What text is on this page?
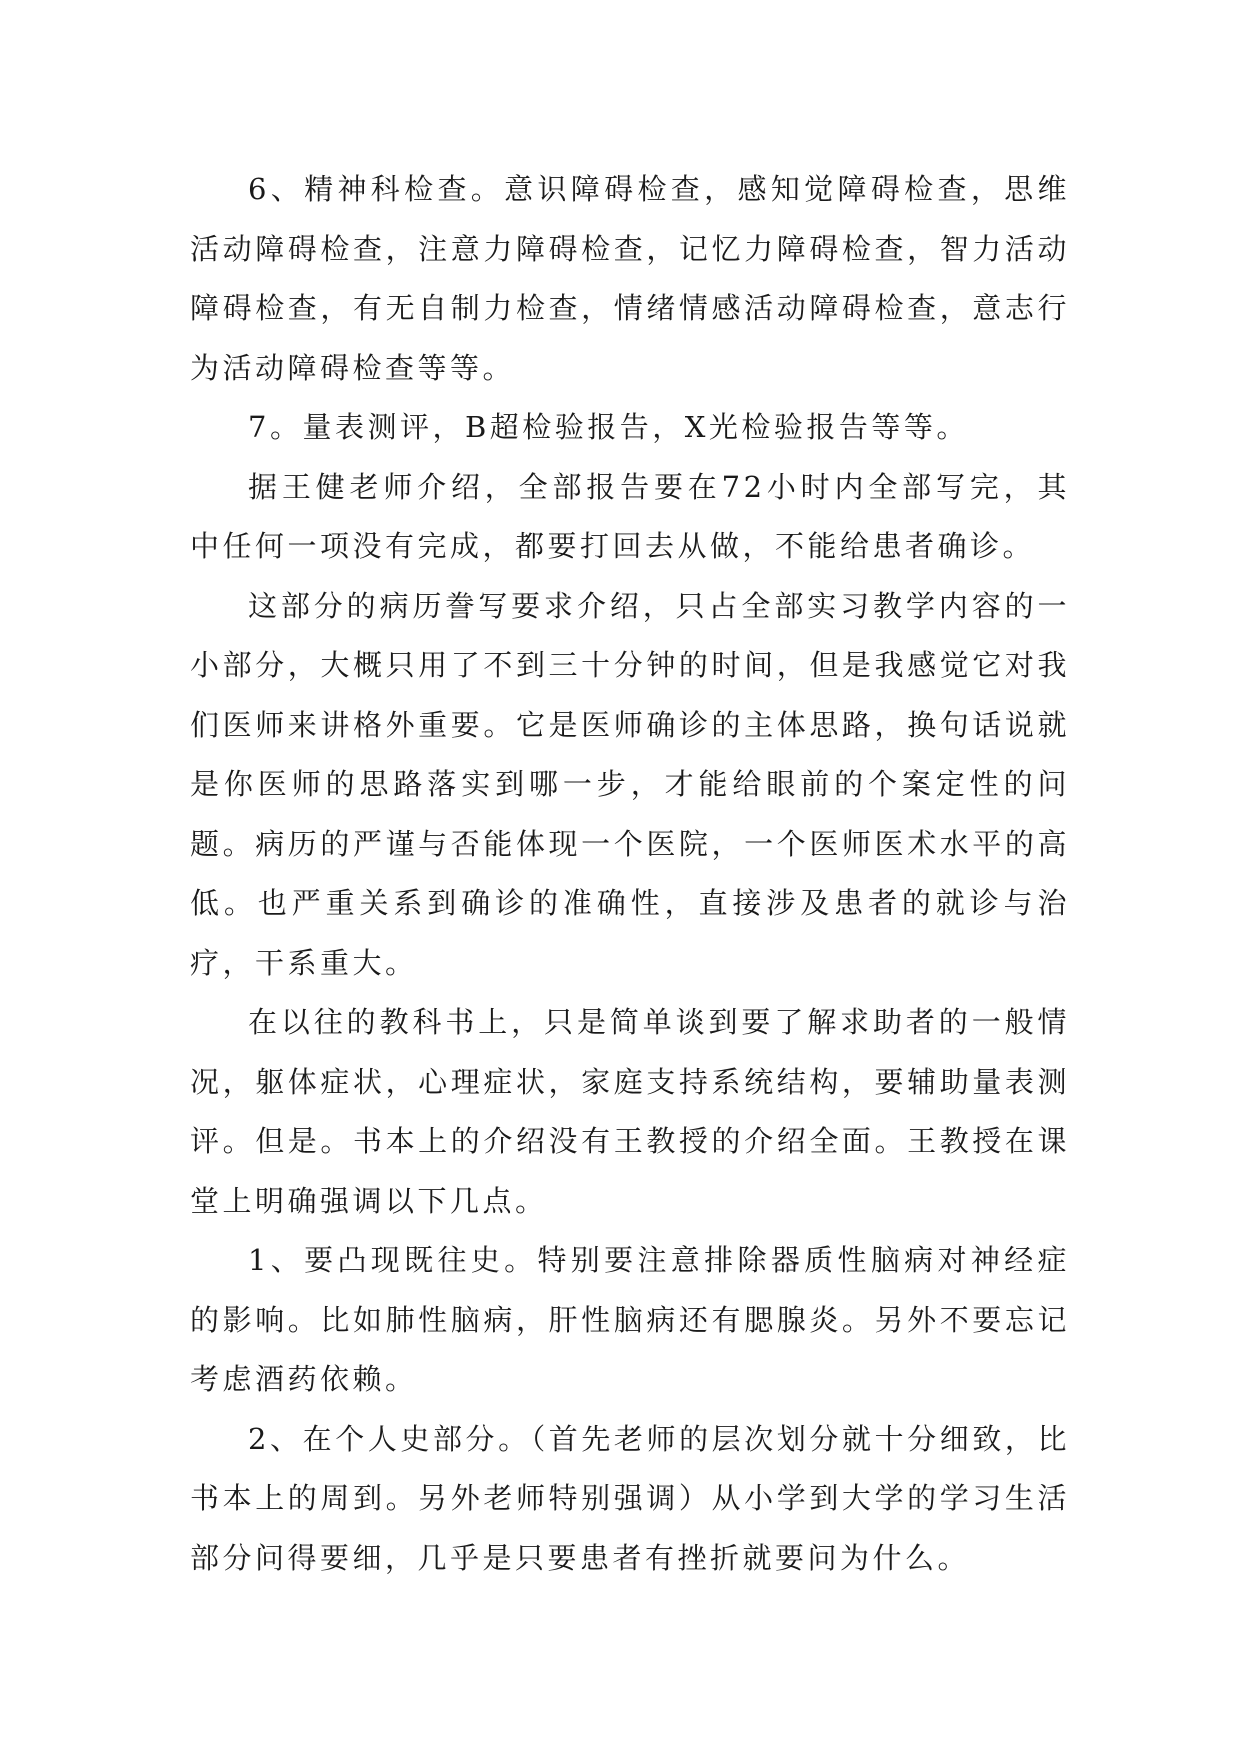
6、精神科检查。意识障碍检查，感知觉障碍检查，思维活动障碍检查，注意力障碍检查，记忆力障碍检查，智力活动障碍检查，有无自制力检查，情绪情感活动障碍检查，意志行为活动障碍检查等等。

7。量表测评，B超检验报告，X光检验报告等等。

据王健老师介绍，全部报告要在72小时内全部写完，其中任何一项没有完成，都要打回去从做，不能给患者确诊。

这部分的病历誊写要求介绍，只占全部实习教学内容的一小部分，大概只用了不到三十分钟的时间，但是我感觉它对我们医师来讲格外重要。它是医师确诊的主体思路，换句话说就是你医师的思路落实到哪一步，才能给眼前的个案定性的问题。病历的严谨与否能体现一个医院，一个医师医术水平的高低。也严重关系到确诊的准确性，直接涉及患者的就诊与治疗，干系重大。

在以往的教科书上，只是简单谈到要了解求助者的一般情况，躯体症状，心理症状，家庭支持系统结构，要辅助量表测评。但是。书本上的介绍没有王教授的介绍全面。王教授在课堂上明确强调以下几点。

1、要凸现既往史。特别要注意排除器质性脑病对神经症的影响。比如肺性脑病，肝性脑病还有腮腺炎。另外不要忘记考虑酒药依赖。

2、在个人史部分。（首先老师的层次划分就十分细致，比书本上的周到。另外老师特别强调）从小学到大学的学习生活部分问得要细，几乎是只要患者有挫折就要问为什么。
